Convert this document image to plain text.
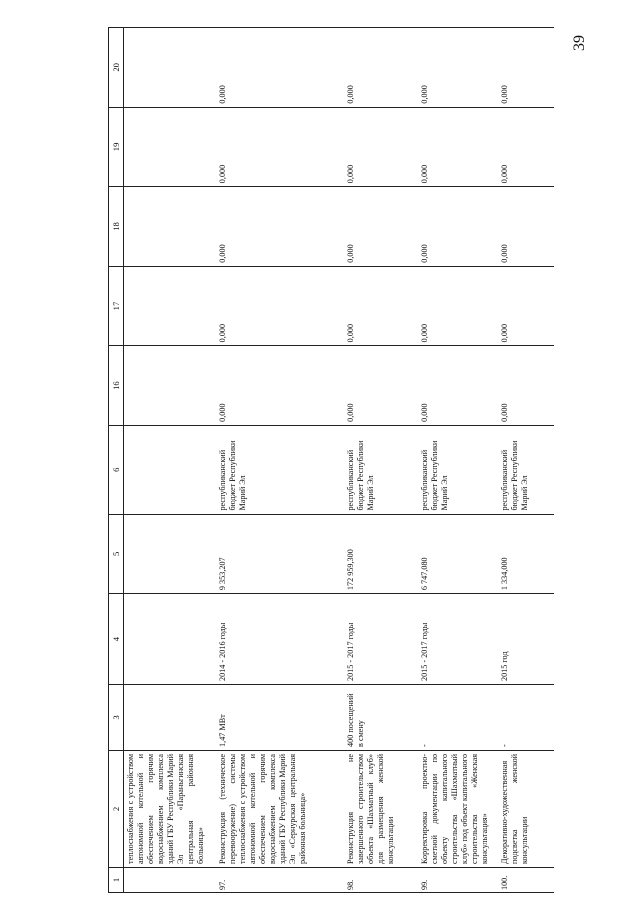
39
1	2	3	4	5	6	16	17	18	19	20
	теплоснабжения с устройством автономной котельной и обеспечением горячим водоснабжением комплекса зданий ГБУ Республики Марий Эл «Параньгинская центральная районная больница»									
97.	Реконструкция (техническое перевооружение) системы теплоснабжения с устройством автономной котельной и обеспечением горячим водоснабжением комплекса зданий ГБУ Республики Марий Эл «Сернурская центральная районная больница»	1,47 МВт	2014 - 2016 годы	9 353,207	республиканский бюджет Республики Марий Эл	0,000	0,000	0,000	0,000	0,000
98.	Реконструкция не завершенного строительством объекта «Шахматный клуб» для размещения женской консультации	400 посещений в смену	2015 - 2017 годы	172 959,300	республиканский бюджет Республики Марий Эл	0,000	0,000	0,000	0,000	0,000
99.	Корректировка проектно-сметной документации по объекту капитального строительства «Шахматный клуб» под объект капитального строительства «Женская консультация»	-	2015 - 2017 годы	6 747,080	республиканский бюджет Республики Марий Эл	0,000	0,000	0,000	0,000	0,000
100.	Декоративно-художественная подсветка женской консультации	-	2015 год	1 334,000	республиканский бюджет Республики Марий Эл	0,000	0,000	0,000	0,000	0,000
